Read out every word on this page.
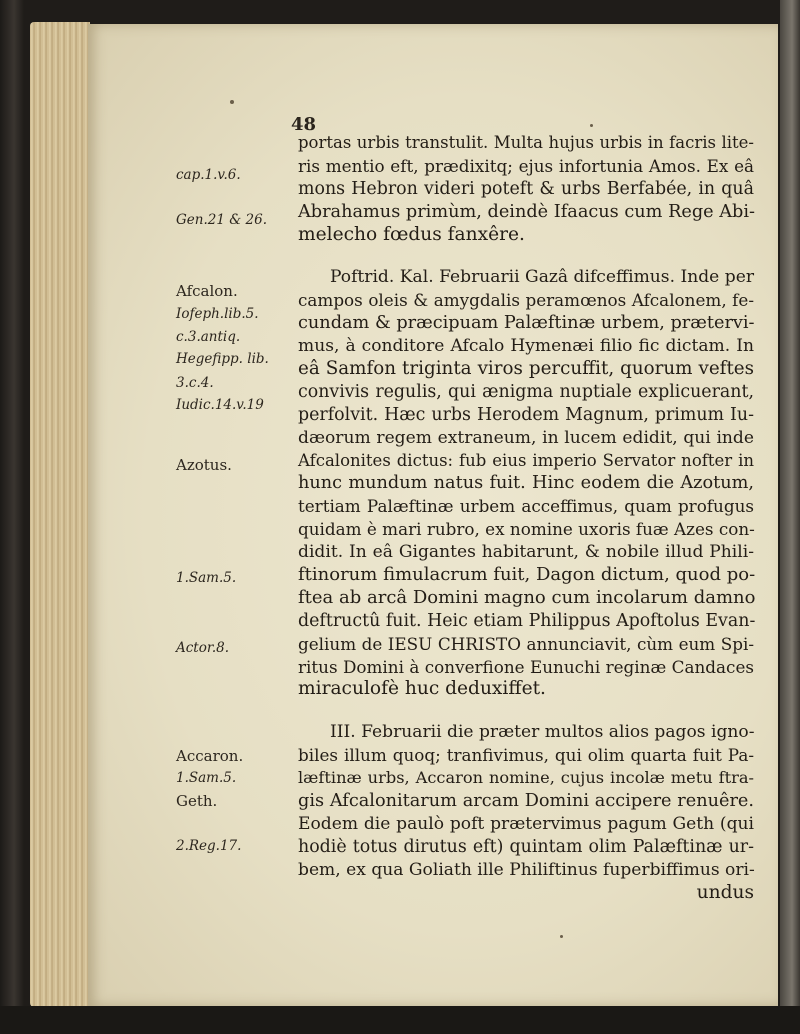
48
cap.1.v.6.
Gen.21 & 26.
Afcalon.
Iofeph.lib.5.
c.3.antiq.
Hegefipp. lib.
3.c.4.
Iudic.14.v.19
Azotus.
1.Sam.5.
Actor.8.
Accaron.
1.Sam.5.
Geth.
2.Reg.17.
portas urbis transtulit. Multa hujus urbis in facris lite-
ris mentio eft, prædixitq; ejus infortunia Amos. Ex eâ
mons Hebron videri poteft & urbs Berfabée, in quâ
Abrahamus primùm, deindè Ifaacus cum Rege Abi-
melecho fœdus fanxêre.
Poftrid. Kal. Februarii Gazâ difceffimus. Inde per
campos oleis & amygdalis peramœnos Afcalonem, fe-
cundam & præcipuam Palæftinæ urbem, prætervi-
mus, à conditore Afcalo Hymenæi filio fic dictam. In
eâ Samfon triginta viros percuffit, quorum veftes
convivis regulis, qui ænigma nuptiale explicuerant,
perfolvit. Hæc urbs Herodem Magnum, primum Iu-
dæorum regem extraneum, in lucem edidit, qui inde
Afcalonites dictus: fub eius imperio Servator nofter in
hunc mundum natus fuit. Hinc eodem die Azotum,
tertiam Palæftinæ urbem acceffimus, quam profugus
quidam è mari rubro, ex nomine uxoris fuæ Azes con-
didit. In eâ Gigantes habitarunt, & nobile illud Phili-
ftinorum fimulacrum fuit, Dagon dictum, quod po-
ftea ab arcâ Domini magno cum incolarum damno
deftructû fuit. Heic etiam Philippus Apoftolus Evan-
gelium de IESU CHRISTO annunciavit, cùm eum Spi-
ritus Domini à converfione Eunuchi reginæ Candaces
miraculofè huc deduxiffet.
III. Februarii die præter multos alios pagos igno-
biles illum quoq; tranfivimus, qui olim quarta fuit Pa-
læftinæ urbs, Accaron nomine, cujus incolæ metu ftra-
gis Afcalonitarum arcam Domini accipere renuêre.
Eodem die paulò poft prætervimus pagum Geth (qui
hodiè totus dirutus eft) quintam olim Palæftinæ ur-
bem, ex qua Goliath ille Philiftinus fuperbiffimus ori-
undus
